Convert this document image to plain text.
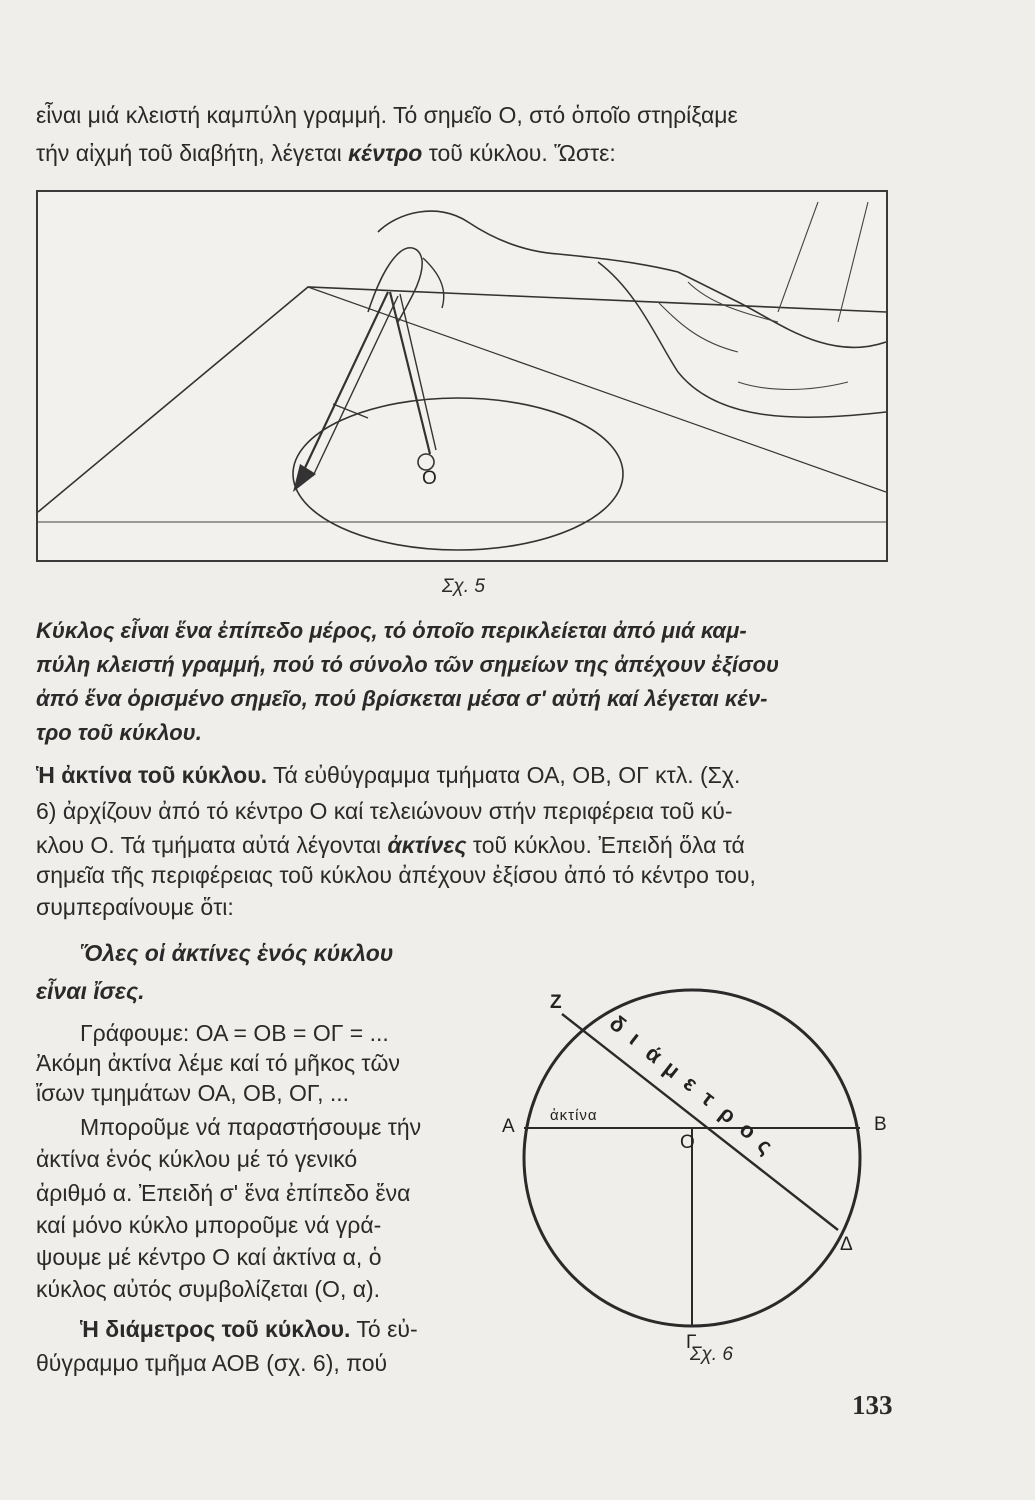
εἶναι μιά κλειστή καμπύλη γραμμή. Τό σημεῖο Ο, στό ὁποῖο στηρίξαμε
τήν αἰχμή τοῦ διαβήτη, λέγεται κέντρο τοῦ κύκλου. Ὥστε:
O
Σχ. 5
Κύκλος εἶναι ἕνα ἐπίπεδο μέρος, τό ὁποῖο περικλείεται ἀπό μιά καμ-
πύλη κλειστή γραμμή, πού τό σύνολο τῶν σημείων της ἀπέχουν ἐξίσου
ἀπό ἕνα ὁρισμένο σημεῖο, πού βρίσκεται μέσα σ' αὐτή καί λέγεται κέν-
τρο τοῦ κύκλου.
Ἡ ἀκτίνα τοῦ κύκλου. Τά εὐθύγραμμα τμήματα ΟΑ, ΟΒ, ΟΓ κτλ. (Σχ.
6) ἀρχίζουν ἀπό τό κέντρο Ο καί τελειώνουν στήν περιφέρεια τοῦ κύ-
κλου Ο. Τά τμήματα αὐτά λέγονται ἀκτίνες τοῦ κύκλου. Ἐπειδή ὅλα τά
σημεῖα τῆς περιφέρειας τοῦ κύκλου ἀπέχουν ἐξίσου ἀπό τό κέντρο του,
συμπεραίνουμε ὅτι:
Ὅλες οἱ ἀκτίνες ἑνός κύκλου
εἶναι ἴσες.
Γράφουμε: ΟΑ = ΟΒ = ΟΓ = ...
Ἀκόμη ἀκτίνα λέμε καί τό μῆκος τῶν
ἴσων τμημάτων ΟΑ, ΟΒ, ΟΓ, ...
Μποροῦμε νά παραστήσουμε τήν
ἀκτίνα ἑνός κύκλου μέ τό γενικό
ἀριθμό α. Ἐπειδή σ' ἕνα ἐπίπεδο ἕνα
καί μόνο κύκλο μποροῦμε νά γρά-
ψουμε μέ κέντρο Ο καί ἀκτίνα α, ὁ
κύκλος αὐτός συμβολίζεται (Ο, α).
Ἡ διάμετρος τοῦ κύκλου. Τό εὐ-
θύγραμμο τμῆμα ΑΟΒ (σχ. 6), πού
Z
A	B
O
Δ
Γ
ἀκτίνα
δ
ι
ά
μ
ε
τ
ρ
ο
ς
Σχ. 6
133
